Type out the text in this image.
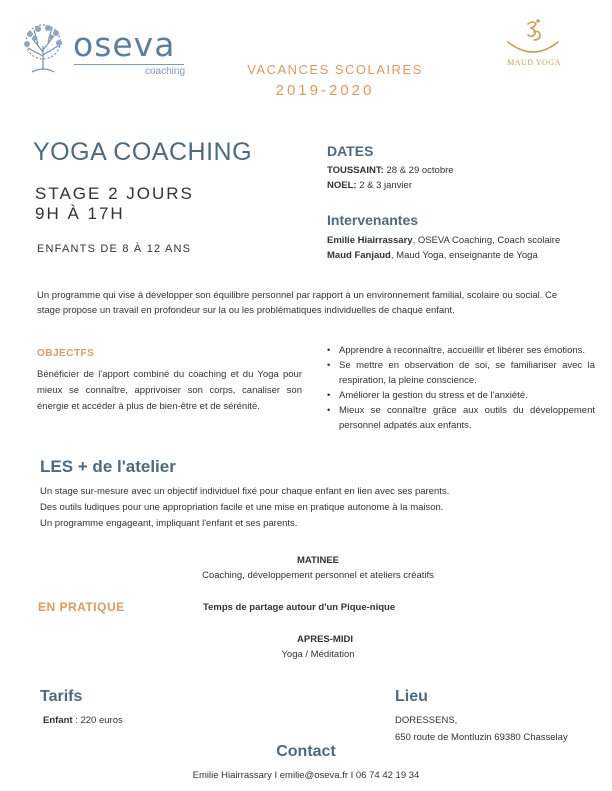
oseva
coaching	VACANCES SCOLAIRES
2019-2020
MAUD YOGA
YOGA COACHING
STAGE 2 JOURS
9H À 17H
ENFANTS DE 8 À 12 ANS
DATES
TOUSSAINT: 28 & 29 octobre
NOEL: 2 & 3 janvier
Intervenantes
Emilie Hiairrassary, OSEVA Coaching, Coach scolaire
Maud Fanjaud, Maud Yoga, enseignante de Yoga
Un programme qui vise à développer son équilibre personnel par rapport à un environnement familial, scolaire ou social. Ce stage propose un travail en profondeur sur la ou les problématiques individuelles de chaque enfant.
OBJECTFS
Bénéficier de l'apport combiné du coaching et du Yoga pour mieux se connaître, apprivoiser son corps, canaliser son énergie et accéder à plus de bien-être et de sérénité.
• Apprendre à reconnaître, accueillir et libérer ses émotions.
• Se mettre en observation de soi, se familiariser avec la respiration, la pleine conscience.
• Améliorer la gestion du stress et de l'anxiété.
• Mieux se connaître grâce aux outils du développement personnel adpatés aux enfants.
LES + de l'atelier
Un stage sur-mesure avec un objectif individuel fixé pour chaque enfant en lien avec ses parents.
Des outils ludiques pour une appropriation facile et une mise en pratique autonome à la maison.
Un programme engageant, impliquant l'enfant et ses parents.
MATINEE
Coaching, développement personnel et ateliers créatifs
EN PRATIQUE	Temps de partage autour d'un Pique-nique
APRES-MIDI
Yoga / Méditation
Tarifs
Enfant : 220 euros
Lieu
DORESSENS,
650 route de Montluzin 69380 Chasselay
Contact
Emilie Hiairrassary I emilie@oseva.fr I 06 74 42 19 34
